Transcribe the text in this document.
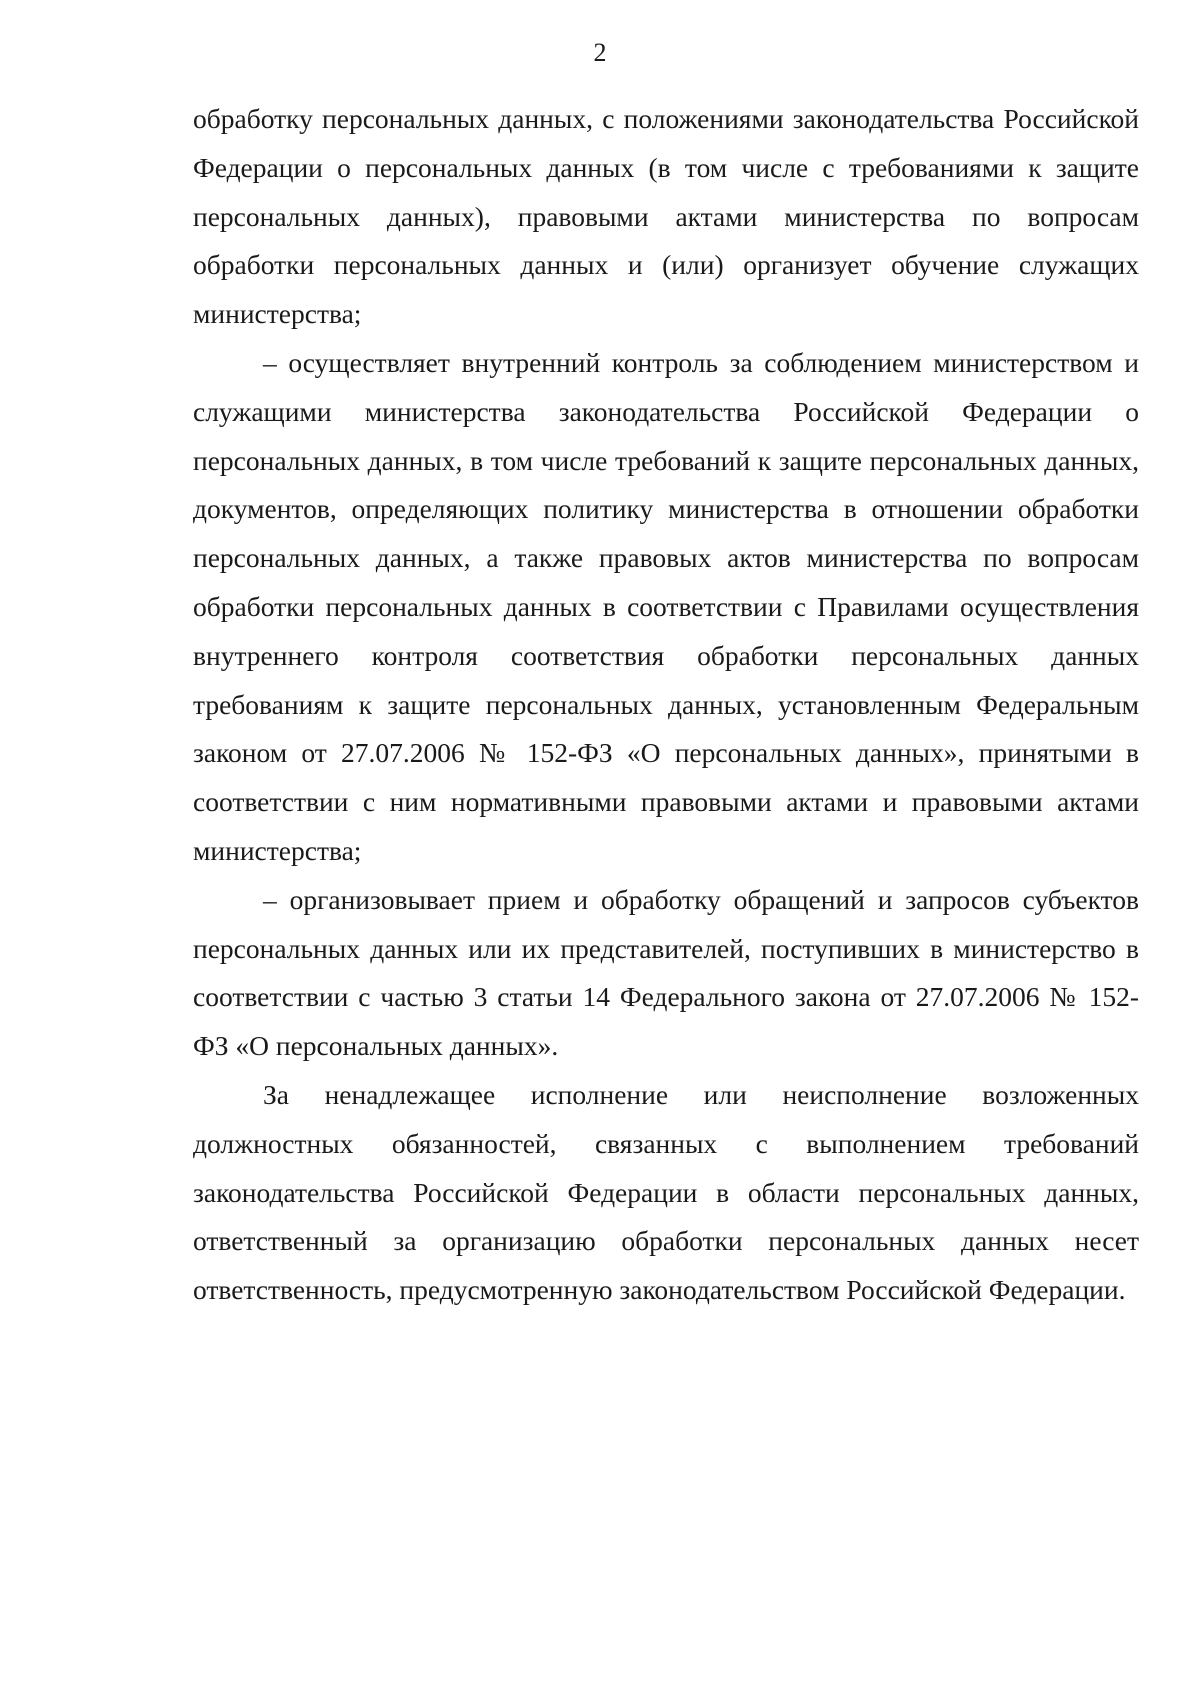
2

обработку персональных данных, с положениями законодательства Российской Федерации о персональных данных (в том числе с требованиями к защите персональных данных), правовыми актами министерства по вопросам обработки персональных данных и (или) организует обучение служащих министерства;

– осуществляет внутренний контроль за соблюдением министерством и служащими министерства законодательства Российской Федерации о персональных данных, в том числе требований к защите персональных данных, документов, определяющих политику министерства в отношении обработки персональных данных, а также правовых актов министерства по вопросам обработки персональных данных в соответствии с Правилами осуществления внутреннего контроля соответствия обработки персональных данных требованиям к защите персональных данных, установленным Федеральным законом от 27.07.2006 № 152-ФЗ «О персональных данных», принятыми в соответствии с ним нормативными правовыми актами и правовыми актами министерства;

– организовывает прием и обработку обращений и запросов субъектов персональных данных или их представителей, поступивших в министерство в соответствии с частью 3 статьи 14 Федерального закона от 27.07.2006 № 152- ФЗ «О персональных данных».

За ненадлежащее исполнение или неисполнение возложенных должностных обязанностей, связанных с выполнением требований законодательства Российской Федерации в области персональных данных, ответственный за организацию обработки персональных данных несет ответственность, предусмотренную законодательством Российской Федерации.
